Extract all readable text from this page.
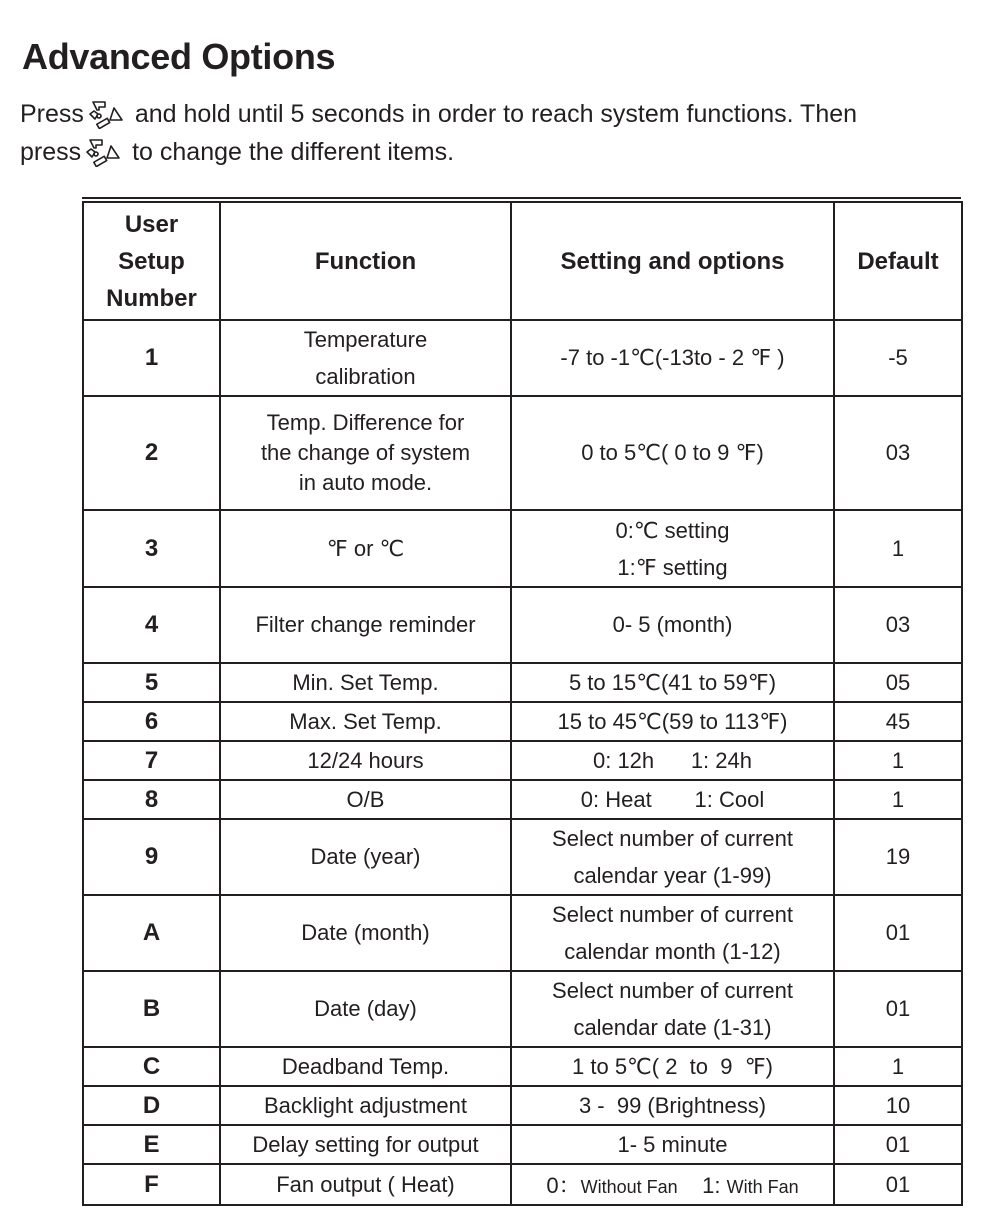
Advanced Options
Press and hold until 5 seconds in order to reach system functions. Then
press to change the different items.
User
Setup
Number	Function	Setting and options	Default
1	Temperature
calibration	-7 to -1℃(-13to - 2 ℉ )	-5
2	Temp. Difference for
the change of system
in auto mode.	0 to 5℃( 0 to 9 ℉)	03
3	℉ or ℃	0:℃ setting
1:℉ setting	1
4	Filter change reminder	0- 5 (month)	03
5	Min. Set Temp.	5 to 15℃(41 to 59℉)	05
6	Max. Set Temp.	15 to 45℃(59 to 113℉)	45
7	12/24 hours	0: 12h      1: 24h	1
8	O/B	0: Heat       1: Cool	1
9	Date (year)	Select number of current
calendar year (1-99)	19
A	Date (month)	Select number of current
calendar month (1-12)	01
B	Date (day)	Select number of current
calendar date (1-31)	01
C	Deadband Temp.	1 to 5℃( 2  to  9  ℉)	1
D	Backlight adjustment	3 -  99 (Brightness)	10
E	Delay setting for output	1- 5 minute	01
F	Fan output ( Heat)	0：Without Fan 1: With Fan	01
